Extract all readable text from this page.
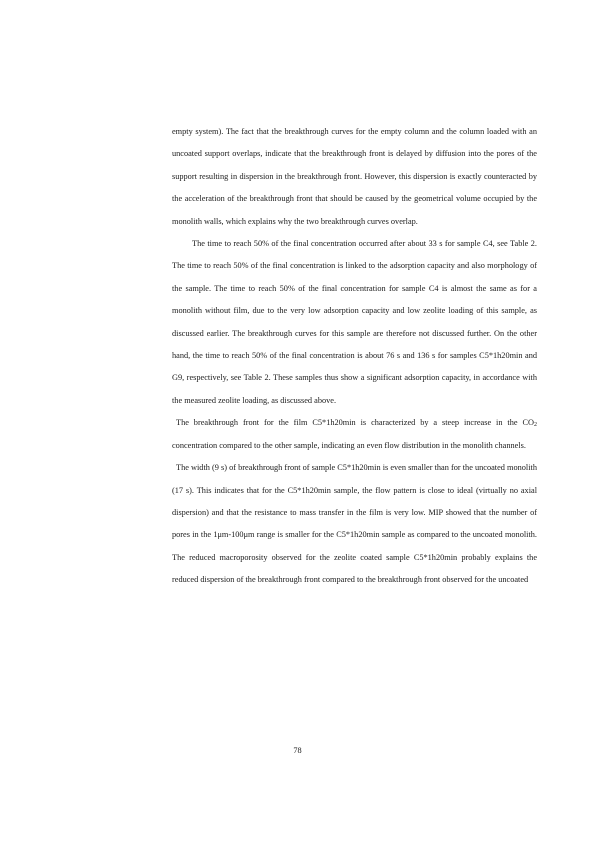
empty system). The fact that the breakthrough curves for the empty column and the column loaded with an uncoated support overlaps, indicate that the breakthrough front is delayed by diffusion into the pores of the support resulting in dispersion in the breakthrough front. However, this dispersion is exactly counteracted by the acceleration of the breakthrough front that should be caused by the geometrical volume occupied by the monolith walls, which explains why the two breakthrough curves overlap.

The time to reach 50% of the final concentration occurred after about 33 s for sample C4, see Table 2. The time to reach 50% of the final concentration is linked to the adsorption capacity and also morphology of the sample. The time to reach 50% of the final concentration for sample C4 is almost the same as for a monolith without film, due to the very low adsorption capacity and low zeolite loading of this sample, as discussed earlier. The breakthrough curves for this sample are therefore not discussed further. On the other hand, the time to reach 50% of the final concentration is about 76 s and 136 s for samples C5*1h20min and G9, respectively, see Table 2. These samples thus show a significant adsorption capacity, in accordance with the measured zeolite loading, as discussed above.

The breakthrough front for the film C5*1h20min is characterized by a steep increase in the $CO_2$ concentration compared to the other sample, indicating an even flow distribution in the monolith channels.

The width (9 s) of breakthrough front of sample C5*1h20min is even smaller than for the uncoated monolith (17 s). This indicates that for the C5*1h20min sample, the flow pattern is close to ideal (virtually no axial dispersion) and that the resistance to mass transfer in the film is very low. MIP showed that the number of pores in the 1μm-100μm range is smaller for the C5*1h20min sample as compared to the uncoated monolith. The reduced macroporosity observed for the zeolite coated sample C5*1h20min probably explains the reduced dispersion of the breakthrough front compared to the breakthrough front observed for the uncoated

78
